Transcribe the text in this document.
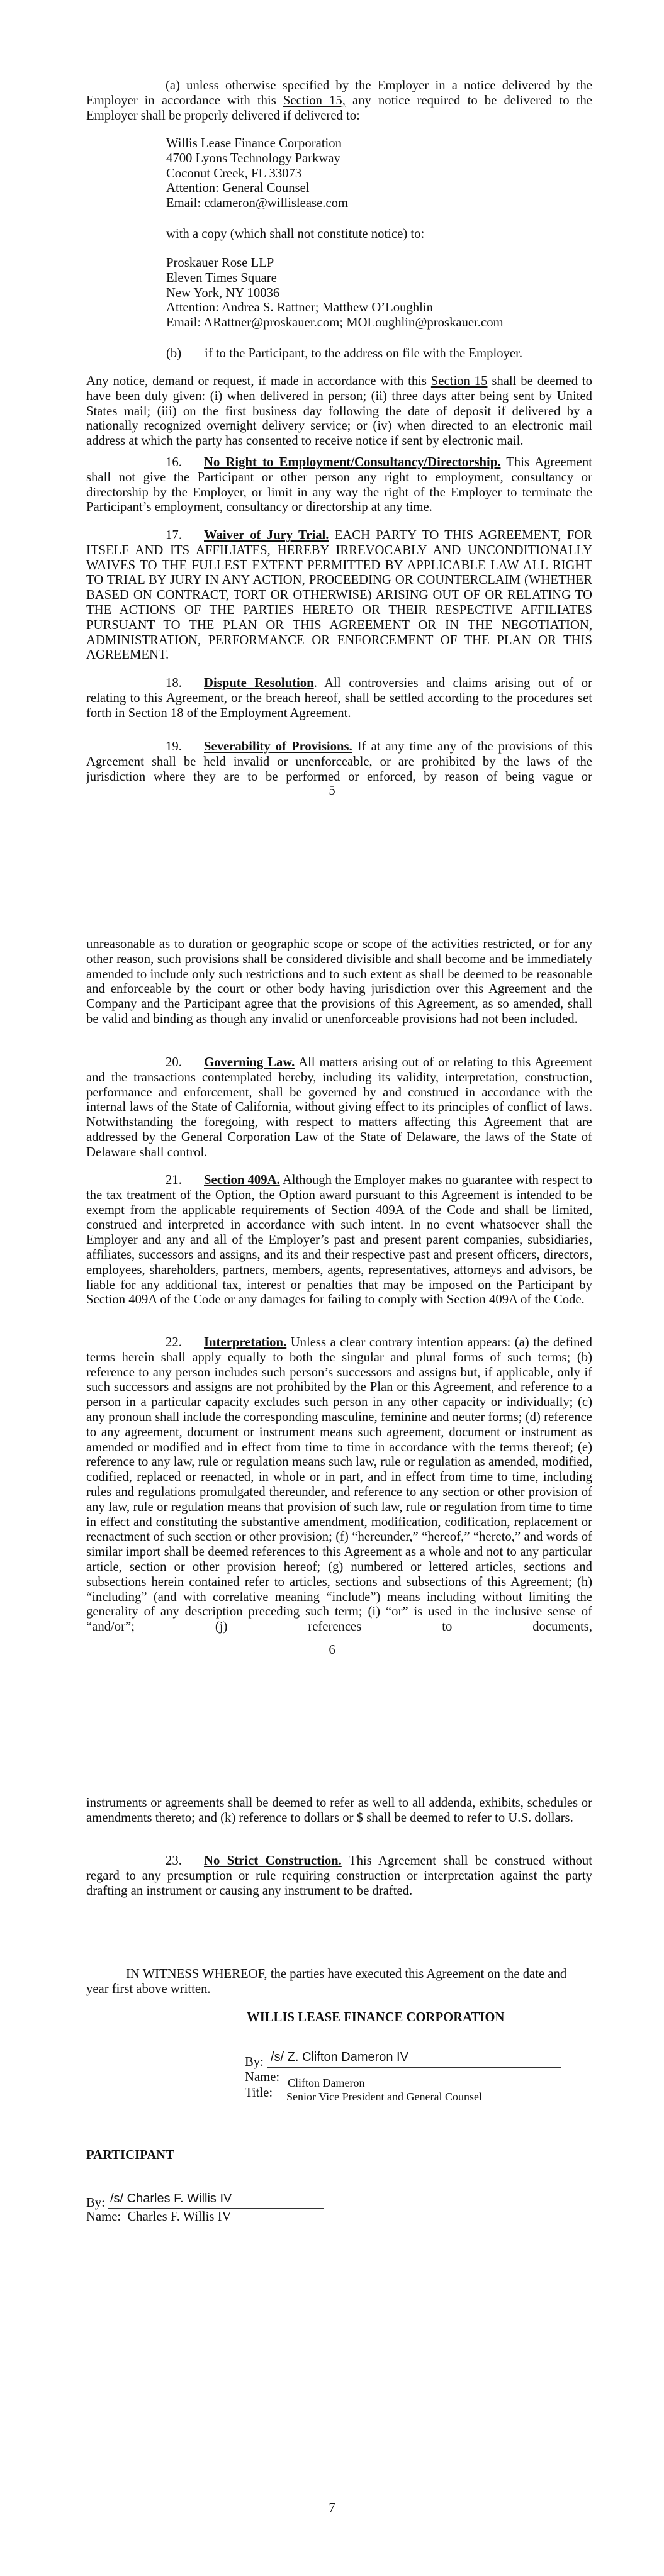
(a) unless otherwise specified by the Employer in a notice delivered by the Employer in accordance with this Section 15, any notice required to be delivered to the Employer shall be properly delivered if delivered to:
Willis Lease Finance Corporation
4700 Lyons Technology Parkway
Coconut Creek, FL 33073
Attention: General Counsel
Email: cdameron@willislease.com
with a copy (which shall not constitute notice) to:
Proskauer Rose LLP
Eleven Times Square
New York, NY 10036
Attention: Andrea S. Rattner; Matthew O’Loughlin
Email: ARattner@proskauer.com; MOLoughlin@proskauer.com
(b) if to the Participant, to the address on file with the Employer.
Any notice, demand or request, if made in accordance with this Section 15 shall be deemed to have been duly given: (i) when delivered in person; (ii) three days after being sent by United States mail; (iii) on the first business day following the date of deposit if delivered by a nationally recognized overnight delivery service; or (iv) when directed to an electronic mail address at which the party has consented to receive notice if sent by electronic mail.
16. No Right to Employment/Consultancy/Directorship. This Agreement shall not give the Participant or other person any right to employment, consultancy or directorship by the Employer, or limit in any way the right of the Employer to terminate the Participant’s employment, consultancy or directorship at any time.
17. Waiver of Jury Trial. EACH PARTY TO THIS AGREEMENT, FOR ITSELF AND ITS AFFILIATES, HEREBY IRREVOCABLY AND UNCONDITIONALLY WAIVES TO THE FULLEST EXTENT PERMITTED BY APPLICABLE LAW ALL RIGHT TO TRIAL BY JURY IN ANY ACTION, PROCEEDING OR COUNTERCLAIM (WHETHER BASED ON CONTRACT, TORT OR OTHERWISE) ARISING OUT OF OR RELATING TO THE ACTIONS OF THE PARTIES HERETO OR THEIR RESPECTIVE AFFILIATES PURSUANT TO THE PLAN OR THIS AGREEMENT OR IN THE NEGOTIATION, ADMINISTRATION, PERFORMANCE OR ENFORCEMENT OF THE PLAN OR THIS AGREEMENT.
18. Dispute Resolution. All controversies and claims arising out of or relating to this Agreement, or the breach hereof, shall be settled according to the procedures set forth in Section 18 of the Employment Agreement.
19. Severability of Provisions. If at any time any of the provisions of this Agreement shall be held invalid or unenforceable, or are prohibited by the laws of the jurisdiction where they are to be performed or enforced, by reason of being vague or
5
unreasonable as to duration or geographic scope or scope of the activities restricted, or for any other reason, such provisions shall be considered divisible and shall become and be immediately amended to include only such restrictions and to such extent as shall be deemed to be reasonable and enforceable by the court or other body having jurisdiction over this Agreement and the Company and the Participant agree that the provisions of this Agreement, as so amended, shall be valid and binding as though any invalid or unenforceable provisions had not been included.
20. Governing Law. All matters arising out of or relating to this Agreement and the transactions contemplated hereby, including its validity, interpretation, construction, performance and enforcement, shall be governed by and construed in accordance with the internal laws of the State of California, without giving effect to its principles of conflict of laws. Notwithstanding the foregoing, with respect to matters affecting this Agreement that are addressed by the General Corporation Law of the State of Delaware, the laws of the State of Delaware shall control.
21. Section 409A. Although the Employer makes no guarantee with respect to the tax treatment of the Option, the Option award pursuant to this Agreement is intended to be exempt from the applicable requirements of Section 409A of the Code and shall be limited, construed and interpreted in accordance with such intent. In no event whatsoever shall the Employer and any and all of the Employer’s past and present parent companies, subsidiaries, affiliates, successors and assigns, and its and their respective past and present officers, directors, employees, shareholders, partners, members, agents, representatives, attorneys and advisors, be liable for any additional tax, interest or penalties that may be imposed on the Participant by Section 409A of the Code or any damages for failing to comply with Section 409A of the Code.
22. Interpretation. Unless a clear contrary intention appears: (a) the defined terms herein shall apply equally to both the singular and plural forms of such terms; (b) reference to any person includes such person’s successors and assigns but, if applicable, only if such successors and assigns are not prohibited by the Plan or this Agreement, and reference to a person in a particular capacity excludes such person in any other capacity or individually; (c) any pronoun shall include the corresponding masculine, feminine and neuter forms; (d) reference to any agreement, document or instrument means such agreement, document or instrument as amended or modified and in effect from time to time in accordance with the terms thereof; (e) reference to any law, rule or regulation means such law, rule or regulation as amended, modified, codified, replaced or reenacted, in whole or in part, and in effect from time to time, including rules and regulations promulgated thereunder, and reference to any section or other provision of any law, rule or regulation means that provision of such law, rule or regulation from time to time in effect and constituting the substantive amendment, modification, codification, replacement or reenactment of such section or other provision; (f) “hereunder,” “hereof,” “hereto,” and words of similar import shall be deemed references to this Agreement as a whole and not to any particular article, section or other provision hereof; (g) numbered or lettered articles, sections and subsections herein contained refer to articles, sections and subsections of this Agreement; (h) “including” (and with correlative meaning “include”) means including without limiting the generality of any description preceding such term; (i) “or” is used in the inclusive sense of “and/or”; (j) references to documents,
6
instruments or agreements shall be deemed to refer as well to all addenda, exhibits, schedules or amendments thereto; and (k) reference to dollars or $ shall be deemed to refer to U.S. dollars.
23. No Strict Construction. This Agreement shall be construed without regard to any presumption or rule requiring construction or interpretation against the party drafting an instrument or causing any instrument to be drafted.
IN WITNESS WHEREOF, the parties have executed this Agreement on the date and year first above written.
WILLIS LEASE FINANCE CORPORATION
By: /s/ Z. Clifton Dameron IV
Name: Clifton Dameron
Title: Senior Vice President and General Counsel
PARTICIPANT
By: /s/ Charles F. Willis IV
Name: Charles F. Willis IV
7
